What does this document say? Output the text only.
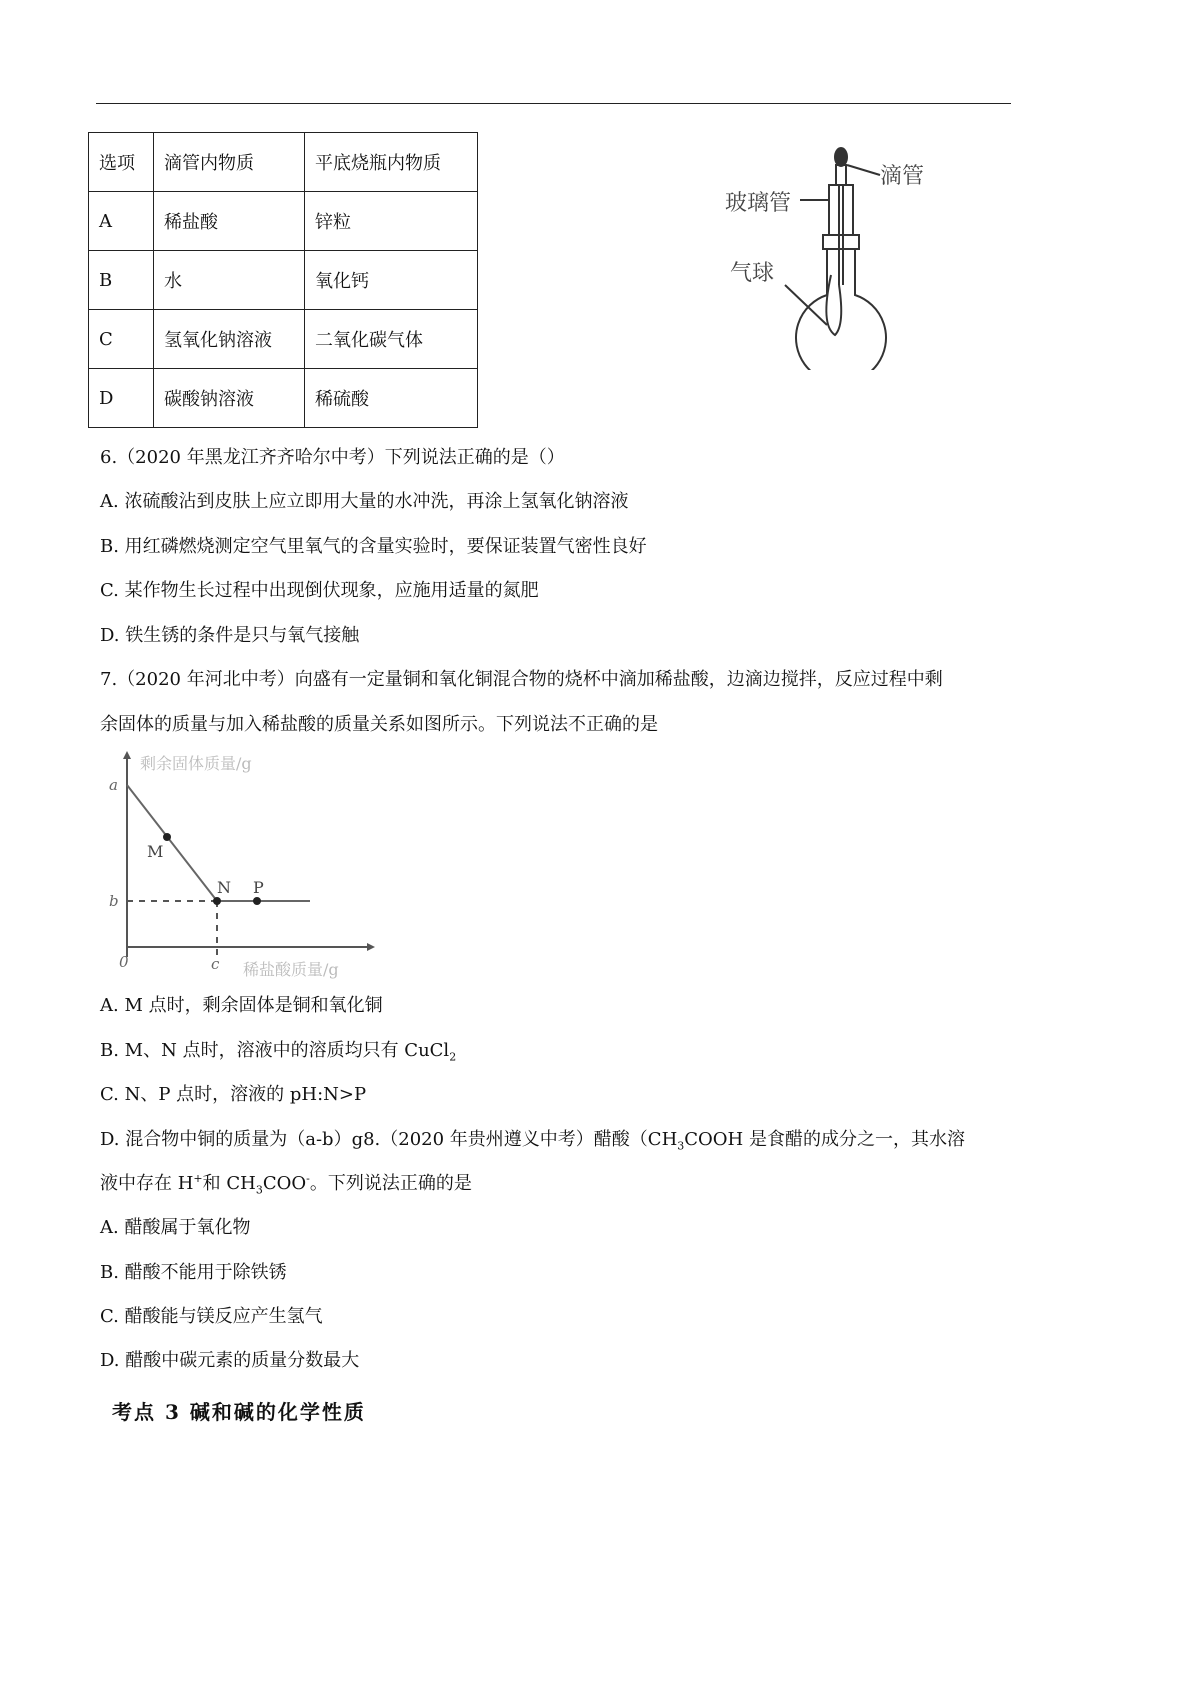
选项	滴管内物质	平底烧瓶内物质
A	稀盐酸	锌粒
B	水	氧化钙
C	氢氧化钠溶液	二氧化碳气体
D	碳酸钠溶液	稀硫酸
滴管
玻璃管
气球
6.（2020 年黑龙江齐齐哈尔中考）下列说法正确的是（）
A. 浓硫酸沾到皮肤上应立即用大量的水冲洗，再涂上氢氧化钠溶液
B. 用红磷燃烧测定空气里氧气的含量实验时，要保证装置气密性良好
C. 某作物生长过程中出现倒伏现象，应施用适量的氮肥
D. 铁生锈的条件是只与氧气接触
7.（2020 年河北中考）向盛有一定量铜和氧化铜混合物的烧杯中滴加稀盐酸，边滴边搅拌，反应过程中剩
余固体的质量与加入稀盐酸的质量关系如图所示。下列说法不正确的是
剩余固体质量/g
稀盐酸质量/g
a
b
c
0
M
N P
A. M 点时，剩余固体是铜和氧化铜
B. M、N 点时，溶液中的溶质均只有 CuCl$_2$
C. N、P 点时，溶液的 pH:N>P
D. 混合物中铜的质量为（a-b）g8.（2020 年贵州遵义中考）醋酸（$CH_3COOH$ 是食醋的成分之一，其水溶
液中存在 H+和 $CH_3COO^-$。下列说法正确的是
A. 醋酸属于氧化物
B. 醋酸不能用于除铁锈
C. 醋酸能与镁反应产生氢气
D. 醋酸中碳元素的质量分数最大
考点 3 碱和碱的化学性质
